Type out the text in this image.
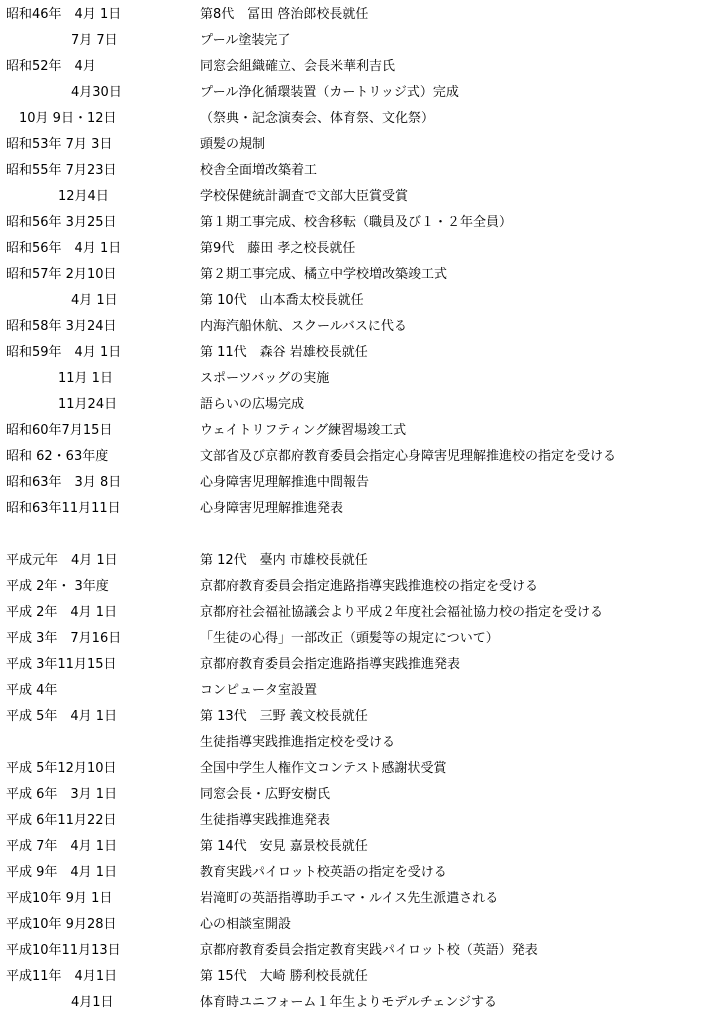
昭和46年　4月 1日	第8代　冨田 啓治郎校長就任
　　　　　7月 7日	プール塗装完了
昭和52年　4月	同窓会組織確立、会長米華利吉氏
　　　　　4月30日	プール浄化循環装置（カートリッジ式）完成
　10月 9日・12日	（祭典・記念演奏会、体育祭、文化祭）
昭和53年 7月 3日	頭髪の規制
昭和55年 7月23日	校舎全面増改築着工
　　　　12月4日	学校保健統計調査で文部大臣賞受賞
昭和56年 3月25日	第１期工事完成、校舎移転（職員及び１・２年全員）
昭和56年　4月 1日	第9代　藤田 孝之校長就任
昭和57年 2月10日	第２期工事完成、橘立中学校増改築竣工式
　　　　　4月 1日	第 10代　山本喬太校長就任
昭和58年 3月24日	内海汽船休航、スクールバスに代る
昭和59年　4月 1日	第 11代　森谷 岩雄校長就任
　　　　11月 1日	スポーツバッグの実施
　　　　11月24日	語らいの広場完成
昭和60年7月15日	ウェイトリフティング練習場竣工式
昭和 62・63年度	文部省及び京都府教育委員会指定心身障害児理解推進校の指定を受ける
昭和63年　3月 8日	心身障害児理解推進中間報告
昭和63年11月11日	心身障害児理解推進発表
平成元年　4月 1日	第 12代　臺内 市雄校長就任
平成 2年・ 3年度	京都府教育委員会指定進路指導実践推進校の指定を受ける
平成 2年　4月 1日	京都府社会福祉協議会より平成２年度社会福祉協力校の指定を受ける
平成 3年　7月16日	「生徒の心得」一部改正（頭髪等の規定について）
平成 3年11月15日	京都府教育委員会指定進路指導実践推進発表
平成 4年	コンピュータ室設置
平成 5年　4月 1日	第 13代　三野 義文校長就任
生徒指導実践推進指定校を受ける
平成 5年12月10日	全国中学生人権作文コンテスト感謝状受賞
平成 6年　3月 1日	同窓会長・広野安樹氏
平成 6年11月22日	生徒指導実践推進発表
平成 7年　4月 1日	第 14代　安見 嘉景校長就任
平成 9年　4月 1日	教育実践パイロット校英語の指定を受ける
平成10年 9月 1日	岩滝町の英語指導助手エマ・ルイス先生派遣される
平成10年 9月28日	心の相談室開設
平成10年11月13日	京都府教育委員会指定教育実践パイロット校（英語）発表
平成11年　4月1日	第 15代　大崎 勝利校長就任
　　　　　4月1日	体育時ユニフォーム１年生よりモデルチェンジする
